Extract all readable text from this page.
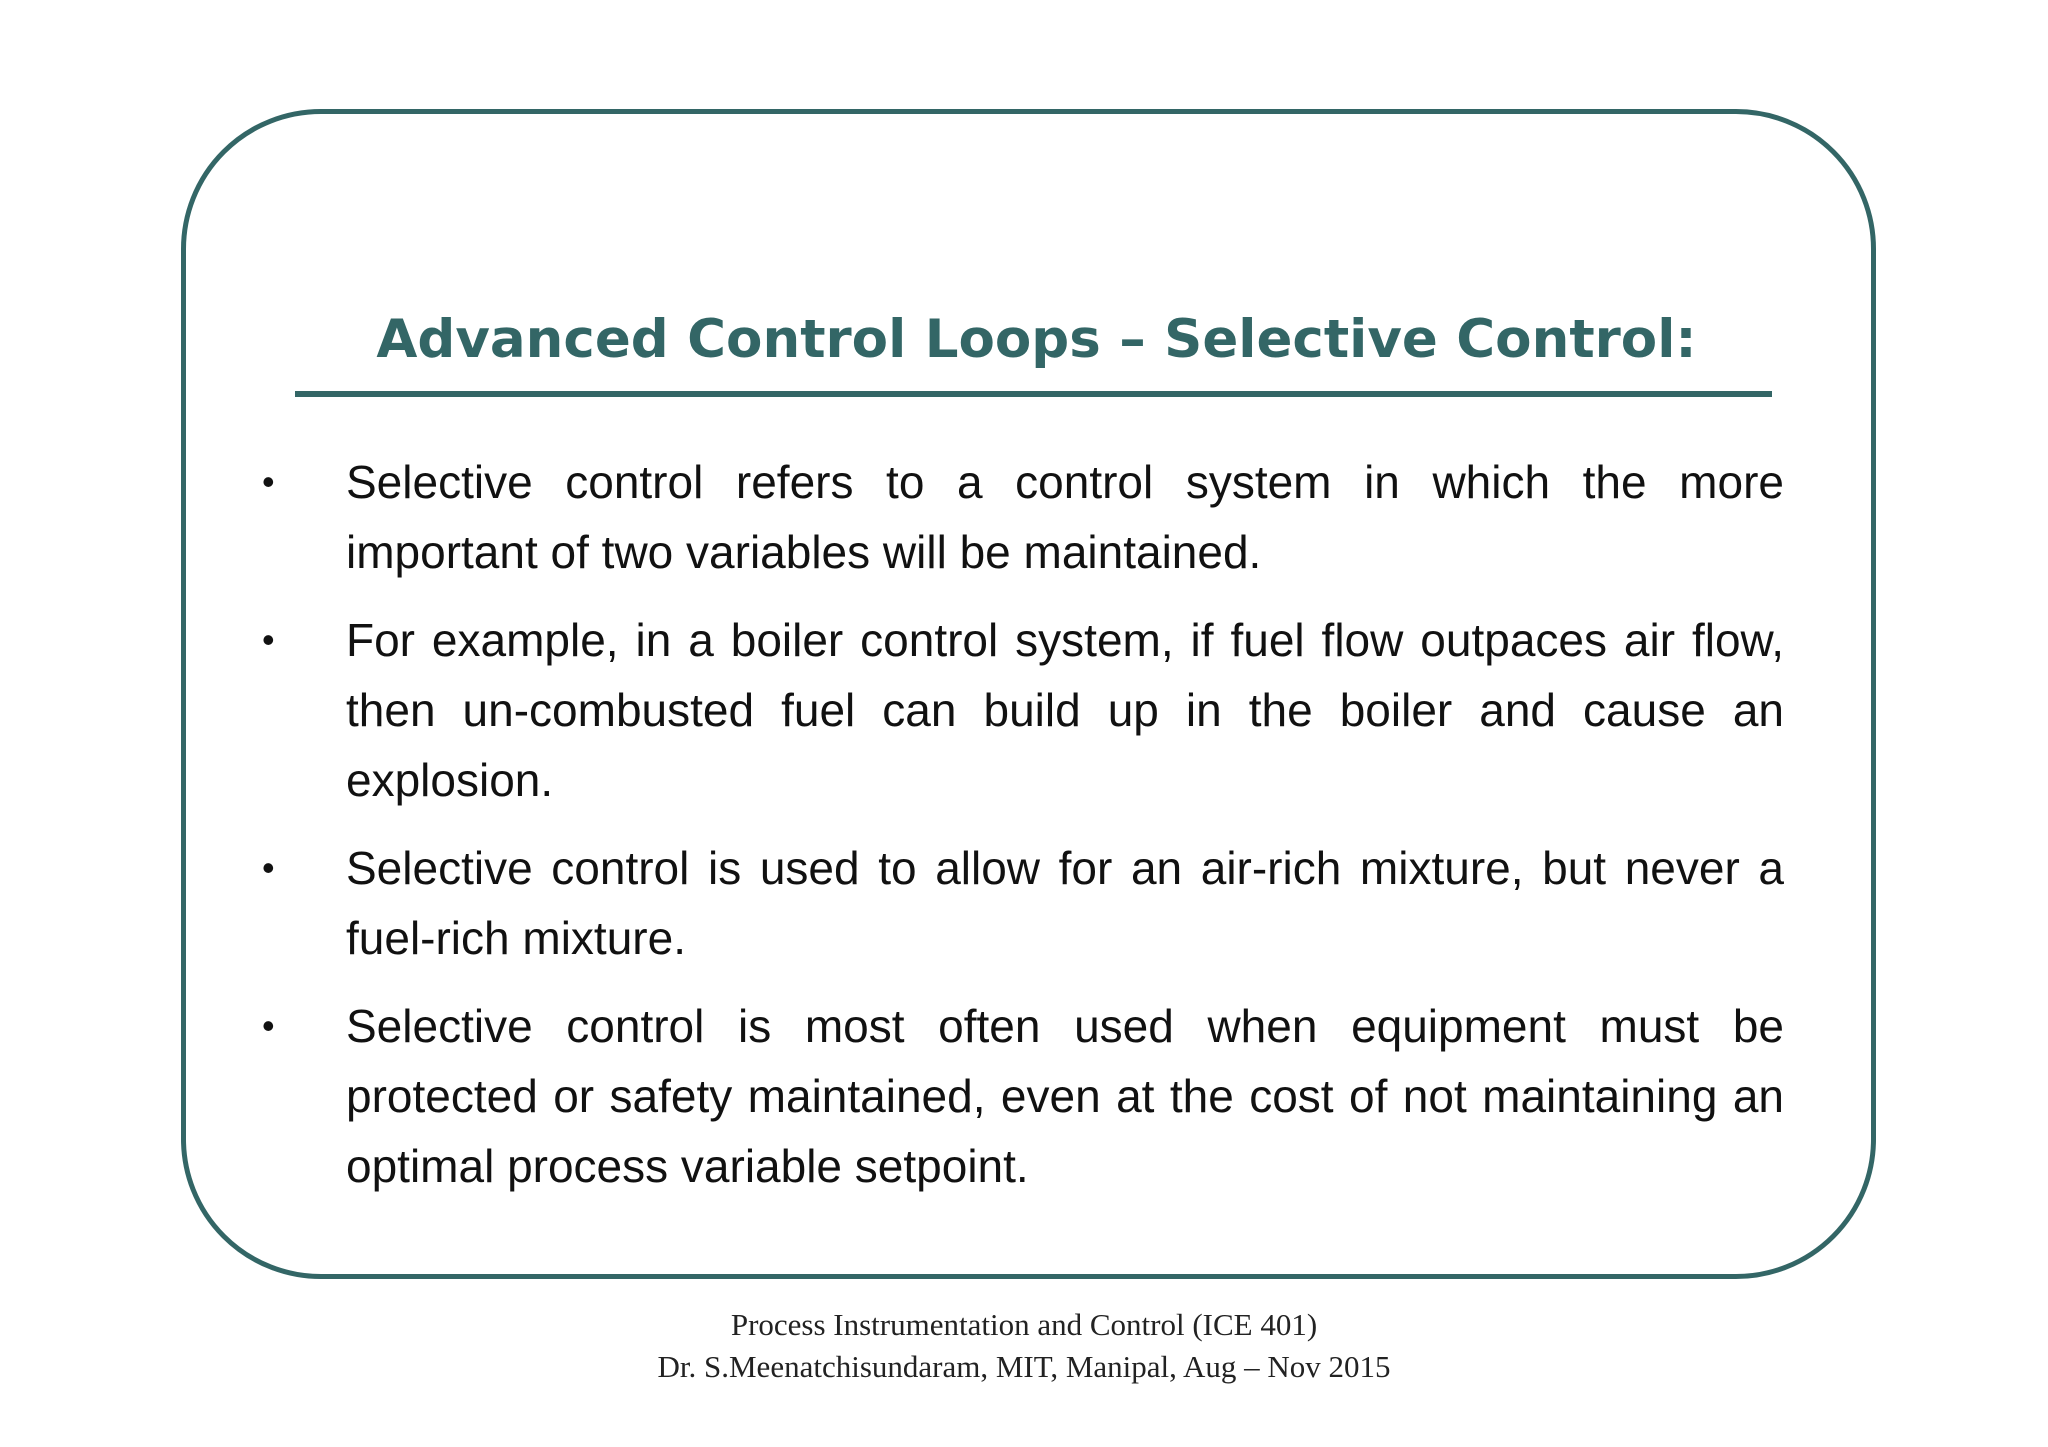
Advanced Control Loops – Selective Control:
• Selective control refers to a control system in which the more important of two variables will be maintained.
• For example, in a boiler control system, if fuel flow outpaces air flow, then un-combusted fuel can build up in the boiler and cause an explosion.
• Selective control is used to allow for an air-rich mixture, but never a fuel-rich mixture.
• Selective control is most often used when equipment must be protected or safety maintained, even at the cost of not maintaining an optimal process variable setpoint.
Process Instrumentation and Control (ICE 401)
Dr. S.Meenatchisundaram, MIT, Manipal, Aug – Nov 2015
